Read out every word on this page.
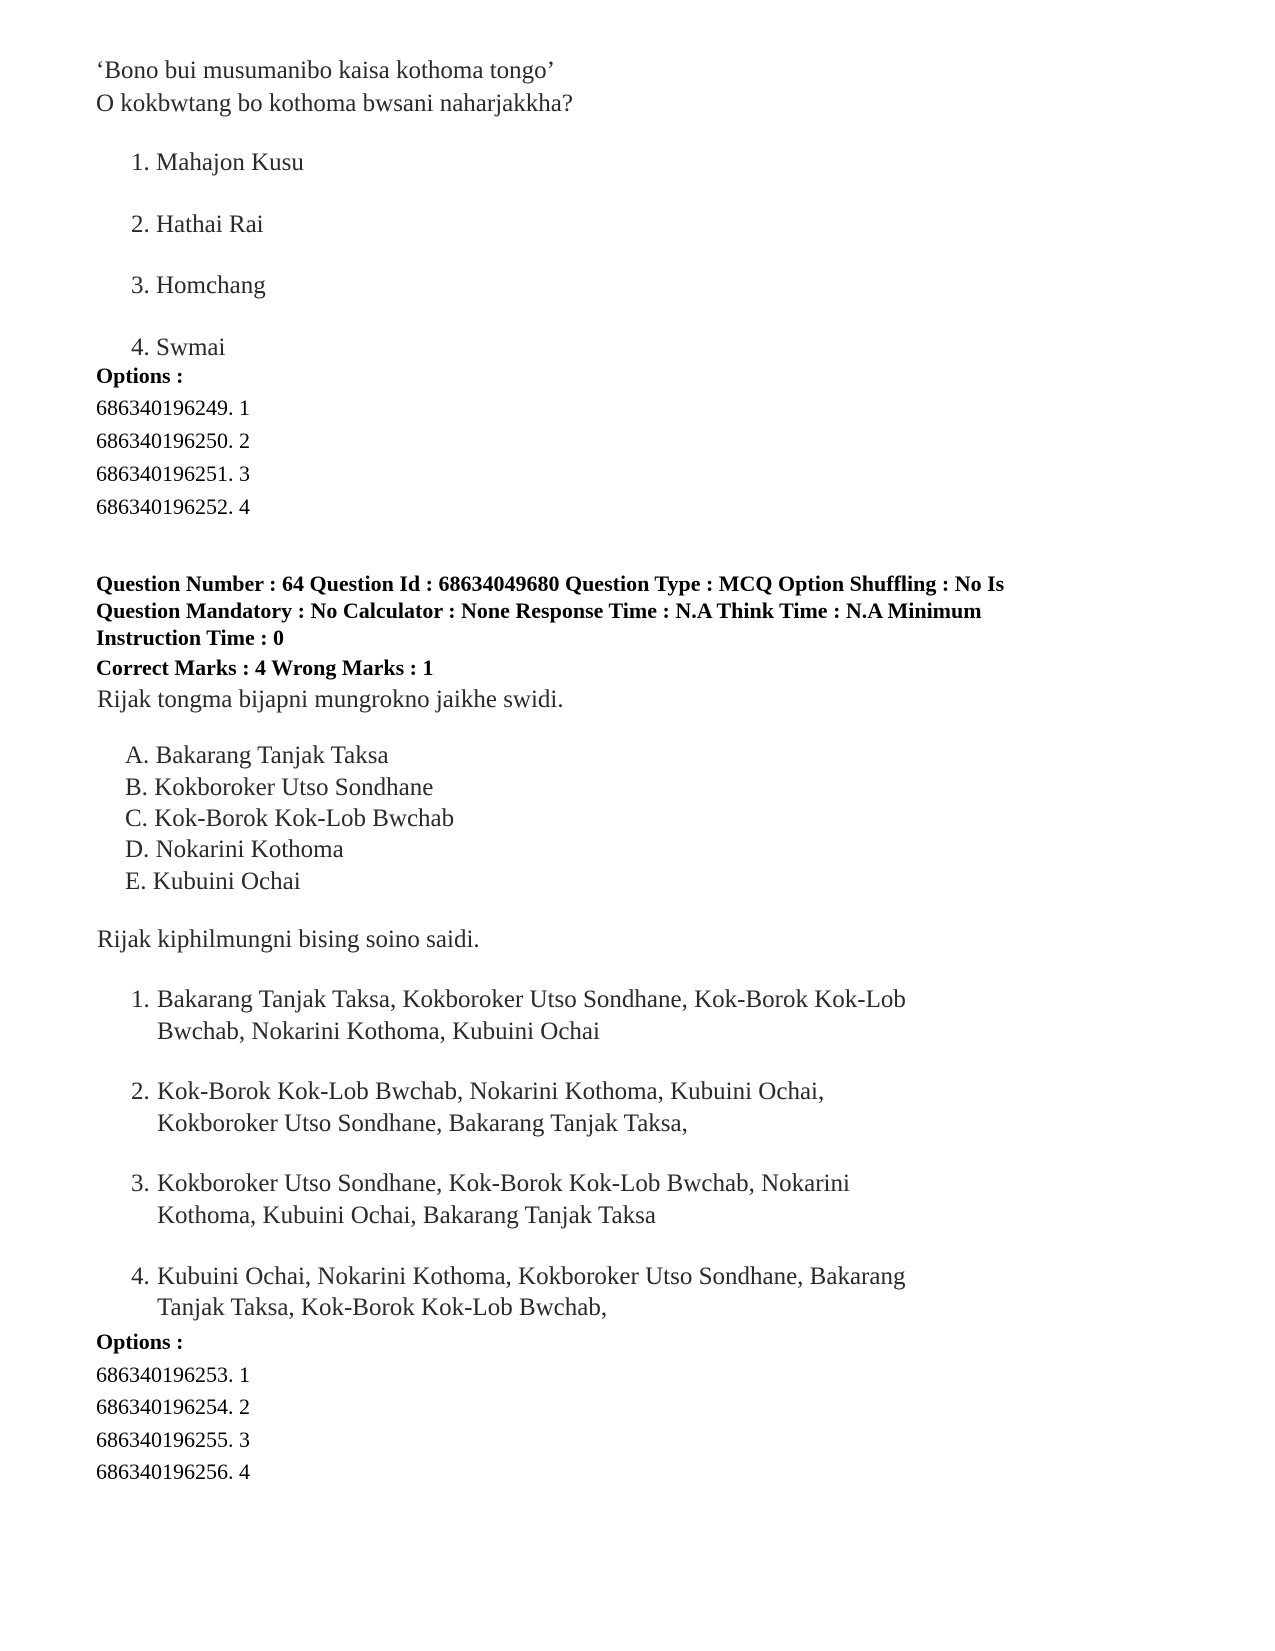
‘Bono bui musumanibo kaisa kothoma tongo’
O kokbwtang bo kothoma bwsani naharjakkha?
1. Mahajon Kusu
2. Hathai Rai
3. Homchang
4. Swmai
Options :
686340196249. 1
686340196250. 2
686340196251. 3
686340196252. 4
Question Number : 64 Question Id : 68634049680 Question Type : MCQ Option Shuffling : No Is
Question Mandatory : No Calculator : None Response Time : N.A Think Time : N.A Minimum
Instruction Time : 0
Correct Marks : 4 Wrong Marks : 1
Rijak tongma bijapni mungrokno jaikhe swidi.
A. Bakarang Tanjak Taksa
B. Kokboroker Utso Sondhane
C. Kok-Borok Kok-Lob Bwchab
D. Nokarini Kothoma
E. Kubuini Ochai
Rijak kiphilmungni bising soino saidi.
1. Bakarang Tanjak Taksa, Kokboroker Utso Sondhane, Kok-Borok Kok-Lob
Bwchab, Nokarini Kothoma, Kubuini Ochai
2. Kok-Borok Kok-Lob Bwchab, Nokarini Kothoma, Kubuini Ochai,
Kokboroker Utso Sondhane, Bakarang Tanjak Taksa,
3. Kokboroker Utso Sondhane, Kok-Borok Kok-Lob Bwchab, Nokarini
Kothoma, Kubuini Ochai, Bakarang Tanjak Taksa
4. Kubuini Ochai, Nokarini Kothoma, Kokboroker Utso Sondhane, Bakarang
Tanjak Taksa, Kok-Borok Kok-Lob Bwchab,
Options :
686340196253. 1
686340196254. 2
686340196255. 3
686340196256. 4
